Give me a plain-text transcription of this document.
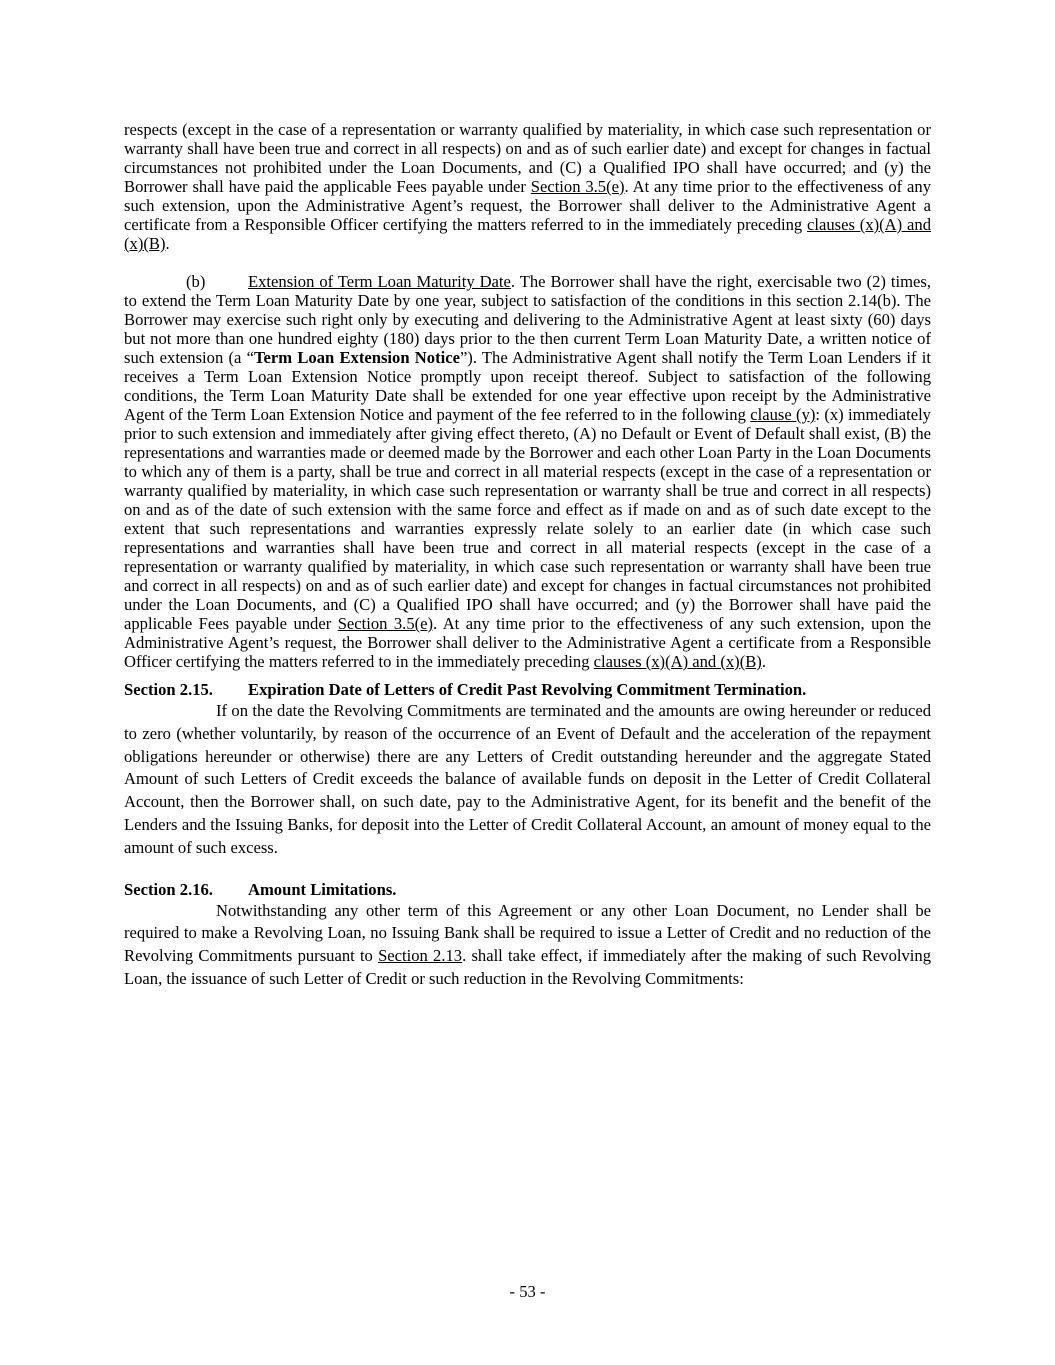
respects (except in the case of a representation or warranty qualified by materiality, in which case such representation or warranty shall have been true and correct in all respects) on and as of such earlier date) and except for changes in factual circumstances not prohibited under the Loan Documents, and (C) a Qualified IPO shall have occurred; and (y) the Borrower shall have paid the applicable Fees payable under Section 3.5(e). At any time prior to the effectiveness of any such extension, upon the Administrative Agent’s request, the Borrower shall deliver to the Administrative Agent a certificate from a Responsible Officer certifying the matters referred to in the immediately preceding clauses (x)(A) and (x)(B).

(b)	Extension of Term Loan Maturity Date. The Borrower shall have the right, exercisable two (2) times, to extend the Term Loan Maturity Date by one year, subject to satisfaction of the conditions in this section 2.14(b). The Borrower may exercise such right only by executing and delivering to the Administrative Agent at least sixty (60) days but not more than one hundred eighty (180) days prior to the then current Term Loan Maturity Date, a written notice of such extension (a “Term Loan Extension Notice”). The Administrative Agent shall notify the Term Loan Lenders if it receives a Term Loan Extension Notice promptly upon receipt thereof. Subject to satisfaction of the following conditions, the Term Loan Maturity Date shall be extended for one year effective upon receipt by the Administrative Agent of the Term Loan Extension Notice and payment of the fee referred to in the following clause (y): (x) immediately prior to such extension and immediately after giving effect thereto, (A) no Default or Event of Default shall exist, (B) the representations and warranties made or deemed made by the Borrower and each other Loan Party in the Loan Documents to which any of them is a party, shall be true and correct in all material respects (except in the case of a representation or warranty qualified by materiality, in which case such representation or warranty shall be true and correct in all respects) on and as of the date of such extension with the same force and effect as if made on and as of such date except to the extent that such representations and warranties expressly relate solely to an earlier date (in which case such representations and warranties shall have been true and correct in all material respects (except in the case of a representation or warranty qualified by materiality, in which case such representation or warranty shall have been true and correct in all respects) on and as of such earlier date) and except for changes in factual circumstances not prohibited under the Loan Documents, and (C) a Qualified IPO shall have occurred; and (y) the Borrower shall have paid the applicable Fees payable under Section 3.5(e). At any time prior to the effectiveness of any such extension, upon the Administrative Agent’s request, the Borrower shall deliver to the Administrative Agent a certificate from a Responsible Officer certifying the matters referred to in the immediately preceding clauses (x)(A) and (x)(B).

Section 2.15. Expiration Date of Letters of Credit Past Revolving Commitment Termination.

If on the date the Revolving Commitments are terminated and the amounts are owing hereunder or reduced to zero (whether voluntarily, by reason of the occurrence of an Event of Default and the acceleration of the repayment obligations hereunder or otherwise) there are any Letters of Credit outstanding hereunder and the aggregate Stated Amount of such Letters of Credit exceeds the balance of available funds on deposit in the Letter of Credit Collateral Account, then the Borrower shall, on such date, pay to the Administrative Agent, for its benefit and the benefit of the Lenders and the Issuing Banks, for deposit into the Letter of Credit Collateral Account, an amount of money equal to the amount of such excess.

Section 2.16. Amount Limitations.

Notwithstanding any other term of this Agreement or any other Loan Document, no Lender shall be required to make a Revolving Loan, no Issuing Bank shall be required to issue a Letter of Credit and no reduction of the Revolving Commitments pursuant to Section 2.13. shall take effect, if immediately after the making of such Revolving Loan, the issuance of such Letter of Credit or such reduction in the Revolving Commitments:

- 53 -
